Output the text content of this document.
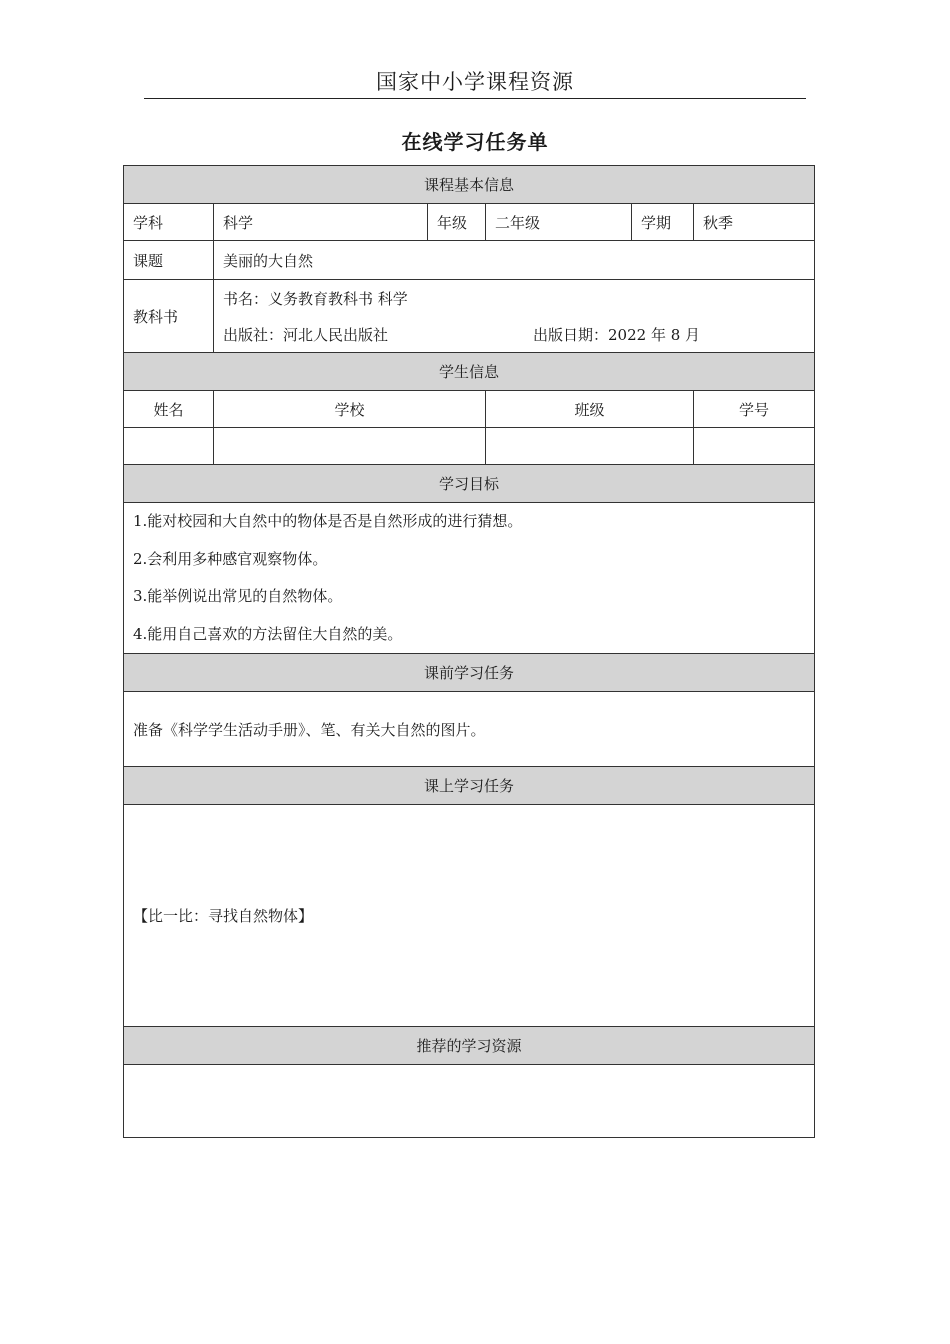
国家中小学课程资源
在线学习任务单
课程基本信息					
学科	科学	年级	二年级	学期	秋季
课题	美丽的大自然				

教科书	书名：义务教育教科书 科学
出版社：河北人民出版社 出版日期：2022 年 8 月				

学生信息					
姓名	学校		班级		学号

学习目标					

1.能对校园和大自然中的物体是否是自然形成的进行猜想。
2.会利用多种感官观察物体。
3.能举例说出常见的自然物体。
4.能用自己喜欢的方法留住大自然的美。					

课前学习任务					
准备《科学学生活动手册》、笔、有关大自然的图片。					
课上学习任务					
【比一比：寻找自然物体】					
推荐的学习资源					
